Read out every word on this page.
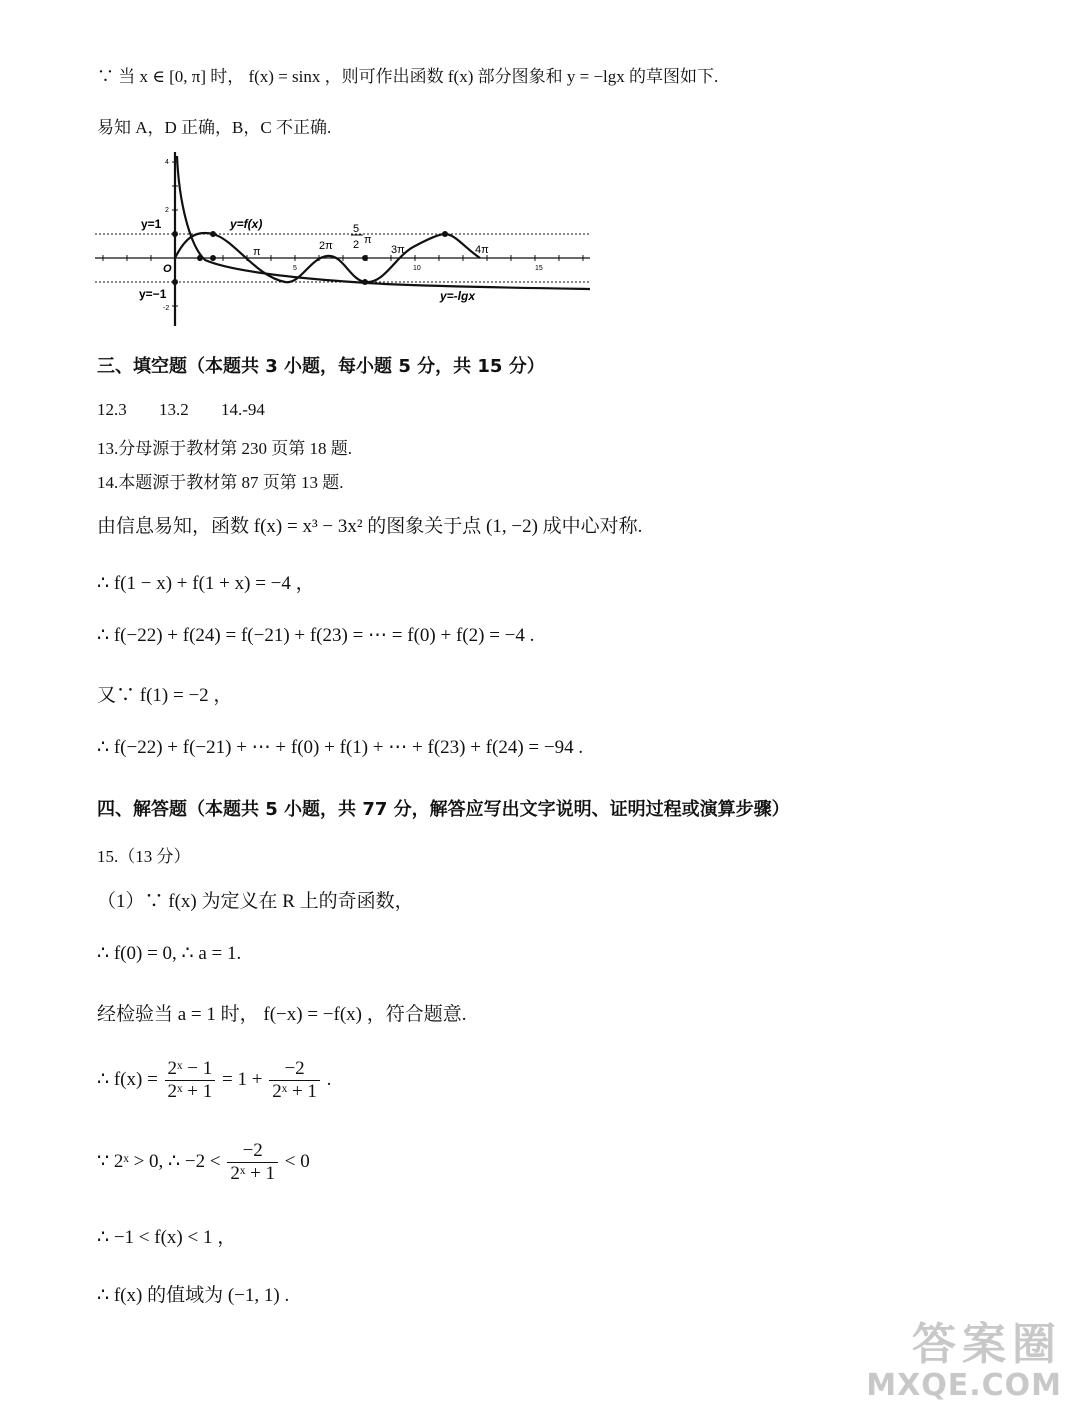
∵ 当 x ∈ [0, π] 时， f(x) = sinx ，则可作出函数 f(x) 部分图象和 y = −lgx 的草图如下.
易知 A，D 正确，B，C 不正确.
y=1	y=f(x)
π	2π
5
2 π
3π	4π
O
y=−1	y=-lgx
4
2
-2
5	10	15
三、填空题（本题共 3 小题，每小题 5 分，共 15 分）
12.3 13.2 14.-94
13.分母源于教材第 230 页第 18 题.
14.本题源于教材第 87 页第 13 题.
由信息易知，函数 f(x) = x³ − 3x² 的图象关于点 (1, −2) 成中心对称.
∴ f(1 − x) + f(1 + x) = −4 ，
∴ f(−22) + f(24) = f(−21) + f(23) = ⋯ = f(0) + f(2) = −4 .
又∵ f(1) = −2 ，
∴ f(−22) + f(−21) + ⋯ + f(0) + f(1) + ⋯ + f(23) + f(24) = −94 .
四、解答题（本题共 5 小题，共 77 分，解答应写出文字说明、证明过程或演算步骤）
15.（13 分）
（1）∵ f(x) 为定义在 R 上的奇函数，
∴ f(0) = 0, ∴ a = 1.
经检验当 a = 1 时， f(−x) = −f(x) ，符合题意.
∴ $f(x) = \frac{\text{2ˣ − 1}}{\text{2ˣ + 1}} = 1 + \frac{-2}{\text{2ˣ + 1}}$ .
∵ 2ˣ > 0, ∴ $-2 < \frac{-2}{\text{2ˣ + 1}} < 0$
∴ −1 < f(x) < 1 ，
∴ f(x) 的值域为 (−1, 1) .
答案圈
MXQE.COM
